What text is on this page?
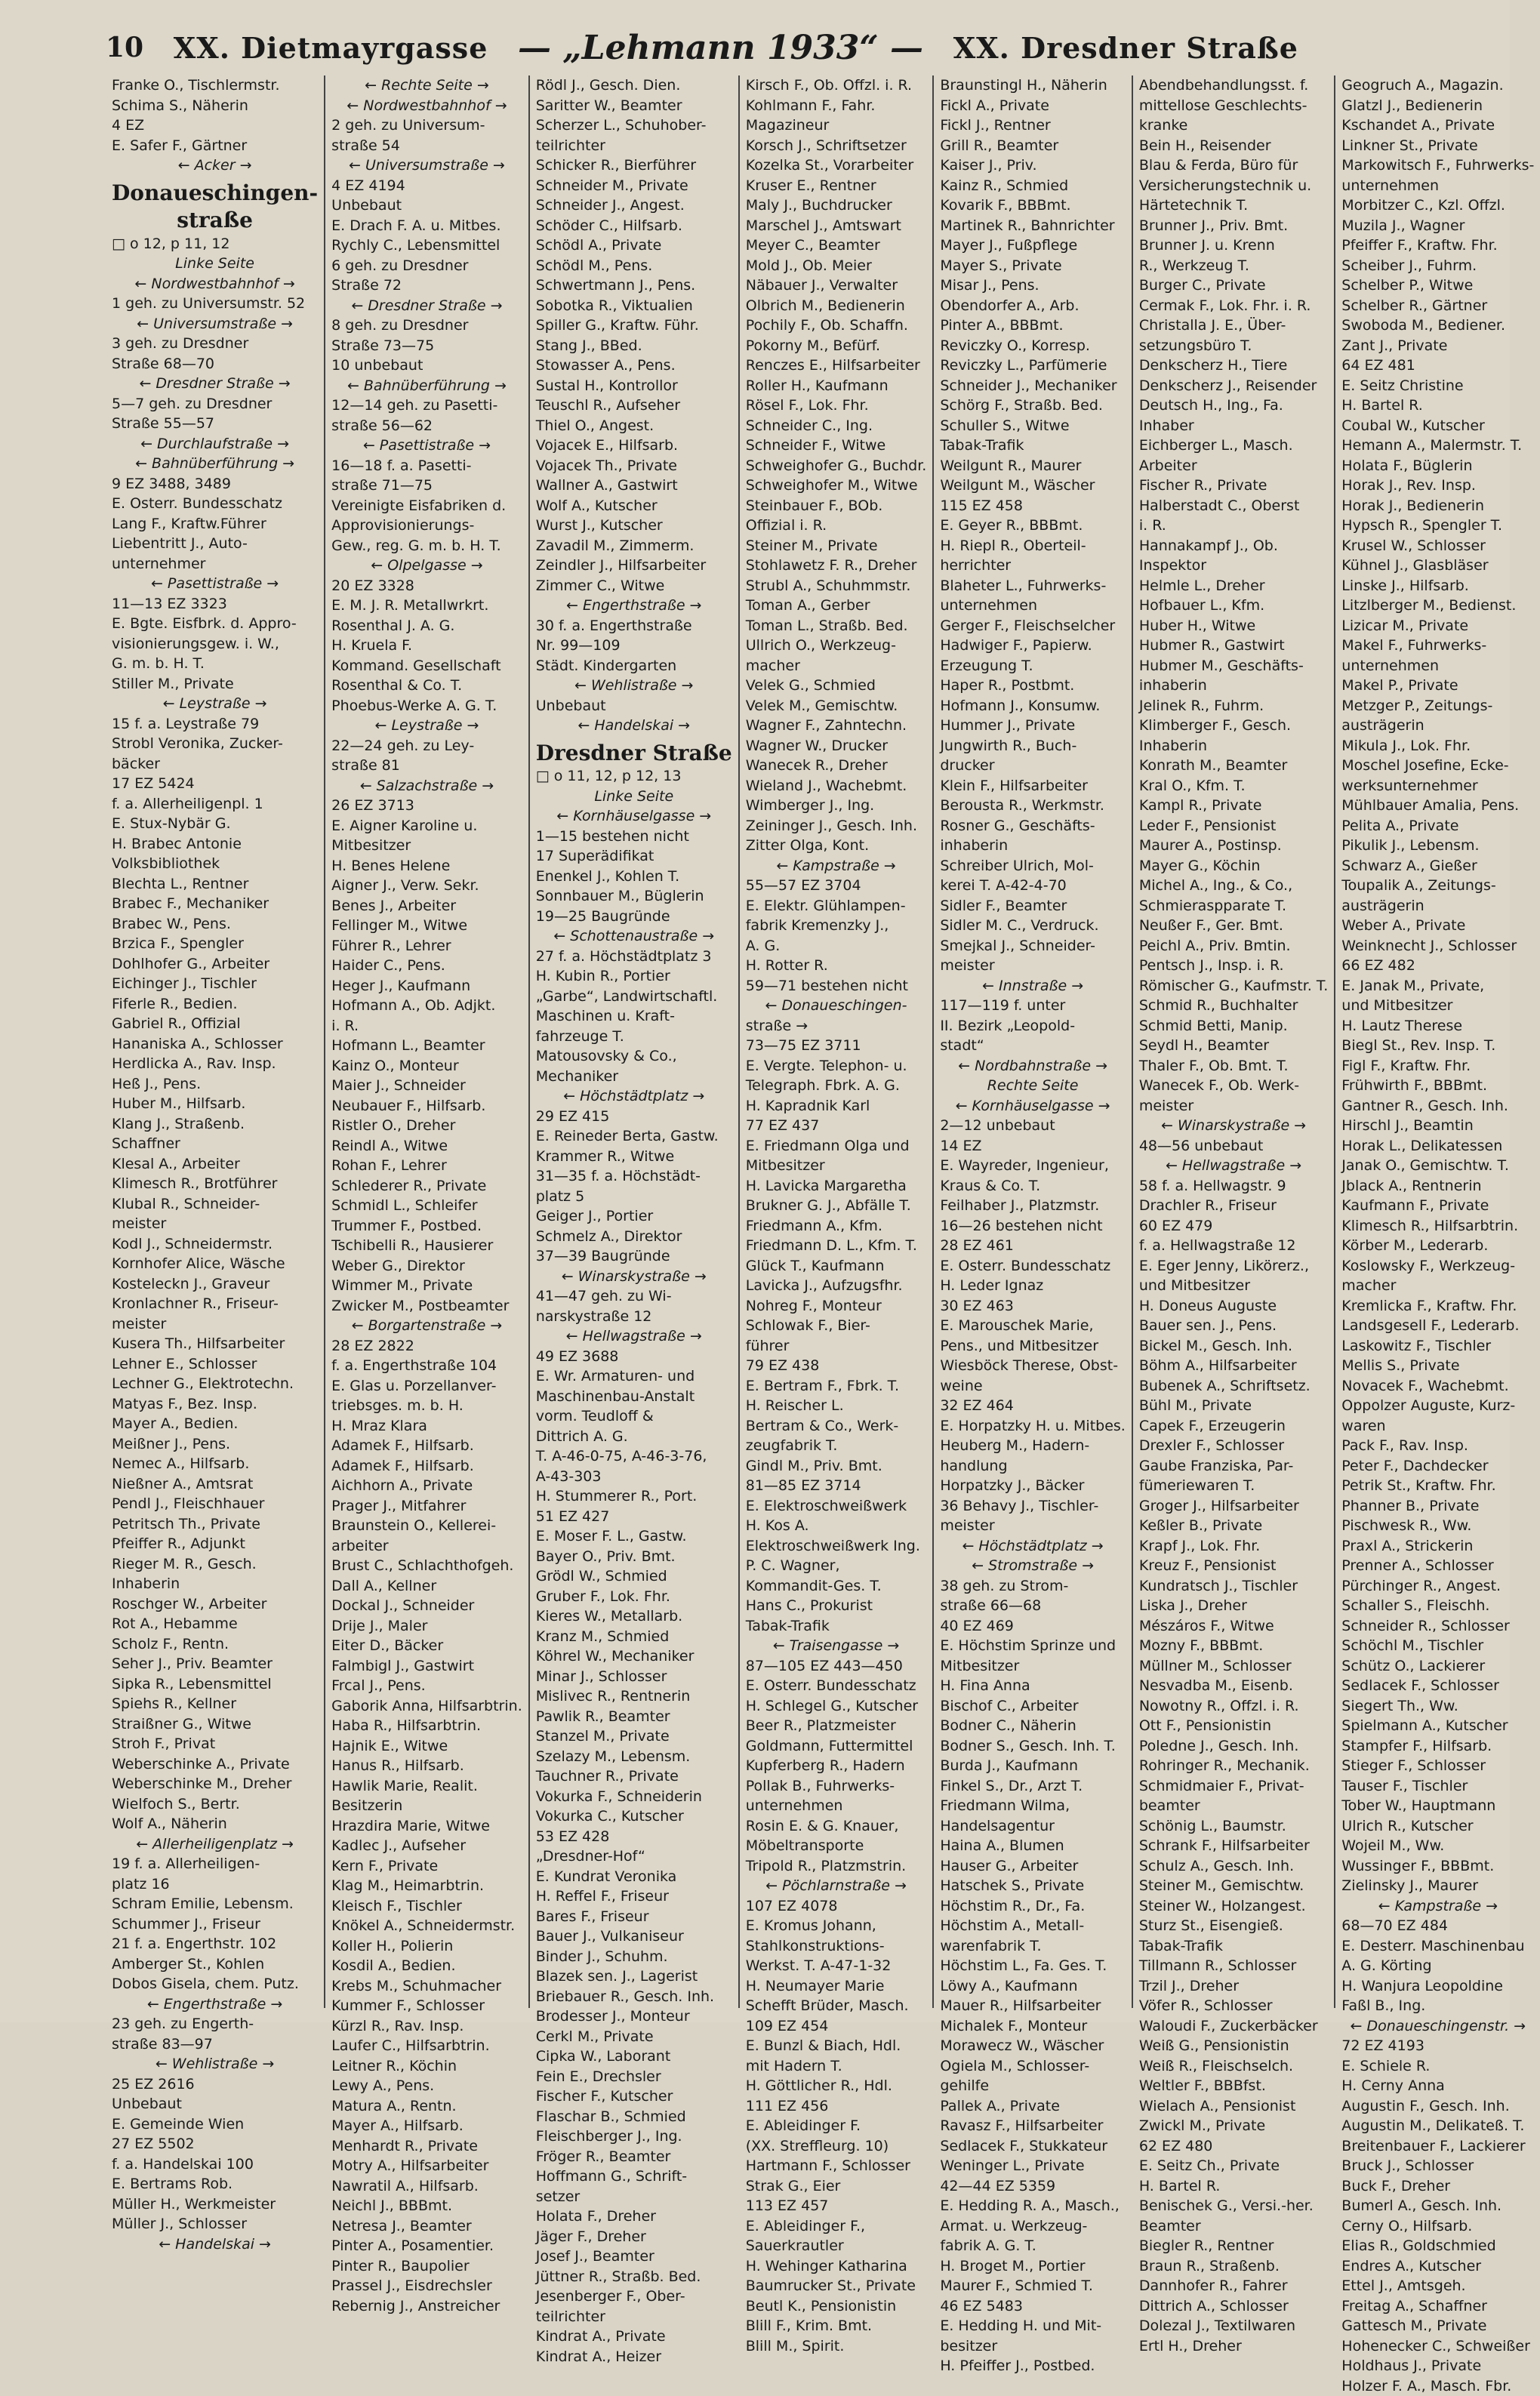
10 XX. Dietmayrgasse — „Lehmann 1933“ — XX. Dresdner Straße
Franke O., Tischlermstr.
Schima S., Näherin
4 EZ
E. Safer F., Gärtner
← Acker →
Donaueschingen-
straße
□ o 12, p 11, 12
Linke Seite
← Nordwestbahnhof →
1 geh. zu Universumstr. 52
← Universumstraße →
3 geh. zu Dresdner
Straße 68—70
← Dresdner Straße →
5—7 geh. zu Dresdner
Straße 55—57
← Durchlaufstraße →
← Bahnüberführung →
9 EZ 3488, 3489
E. Osterr. Bundesschatz
Lang F., Kraftw.Führer
Liebentritt J., Auto-
unternehmer
← Pasettistraße →
11—13 EZ 3323
E. Bgte. Eisfbrk. d. Appro-
visionierungsgew. i. W.,
G. m. b. H. T.
Stiller M., Private
← Leystraße →
15 f. a. Leystraße 79
Strobl Veronika, Zucker-
bäcker
17 EZ 5424
f. a. Allerheiligenpl. 1
E. Stux-Nybär G.
H. Brabec Antonie
Volksbibliothek
Blechta L., Rentner
Brabec F., Mechaniker
Brabec W., Pens.
Brzica F., Spengler
Dohlhofer G., Arbeiter
Eichinger J., Tischler
Fiferle R., Bedien.
Gabriel R., Offizial
Hananiska A., Schlosser
Herdlicka A., Rav. Insp.
Heß J., Pens.
Huber M., Hilfsarb.
Klang J., Straßenb.
Schaffner
Klesal A., Arbeiter
Klimesch R., Brotführer
Klubal R., Schneider-
meister
Kodl J., Schneidermstr.
Kornhofer Alice, Wäsche
Kosteleckn J., Graveur
Kronlachner R., Friseur-
meister
Kusera Th., Hilfsarbeiter
Lehner E., Schlosser
Lechner G., Elektrotechn.
Matyas F., Bez. Insp.
Mayer A., Bedien.
Meißner J., Pens.
Nemec A., Hilfsarb.
Nießner A., Amtsrat
Pendl J., Fleischhauer
Petritsch Th., Private
Pfeiffer R., Adjunkt
Rieger M. R., Gesch.
Inhaberin
Roschger W., Arbeiter
Rot A., Hebamme
Scholz F., Rentn.
Seher J., Priv. Beamter
Sipka R., Lebensmittel
Spiehs R., Kellner
Straißner G., Witwe
Stroh F., Privat
Weberschinke A., Private
Weberschinke M., Dreher
Wielfoch S., Bertr.
Wolf A., Näherin
← Allerheiligenplatz →
19 f. a. Allerheiligen-
platz 16
Schram Emilie, Lebensm.
Schummer J., Friseur
21 f. a. Engerthstr. 102
Amberger St., Kohlen
Dobos Gisela, chem. Putz.
← Engerthstraße →
23 geh. zu Engerth-
straße 83—97
← Wehlistraße →
25 EZ 2616
Unbebaut
E. Gemeinde Wien
27 EZ 5502
f. a. Handelskai 100
E. Bertrams Rob.
Müller H., Werkmeister
Müller J., Schlosser
← Handelskai →
← Rechte Seite →
← Nordwestbahnhof →
2 geh. zu Universum-
straße 54
← Universumstraße →
4 EZ 4194
Unbebaut
E. Drach F. A. u. Mitbes.
Rychly C., Lebensmittel
6 geh. zu Dresdner
Straße 72
← Dresdner Straße →
8 geh. zu Dresdner
Straße 73—75
10 unbebaut
← Bahnüberführung →
12—14 geh. zu Pasetti-
straße 56—62
← Pasettistraße →
16—18 f. a. Pasetti-
straße 71—75
Vereinigte Eisfabriken d.
Approvisionierungs-
Gew., reg. G. m. b. H. T.
← Olpelgasse →
20 EZ 3328
E. M. J. R. Metallwrkrt.
Rosenthal J. A. G.
H. Kruela F.
Kommand. Gesellschaft
Rosenthal & Co. T.
Phoebus-Werke A. G. T.
← Leystraße →
22—24 geh. zu Ley-
straße 81
← Salzachstraße →
26 EZ 3713
E. Aigner Karoline u.
Mitbesitzer
H. Benes Helene
Aigner J., Verw. Sekr.
Benes J., Arbeiter
Fellinger M., Witwe
Führer R., Lehrer
Haider C., Pens.
Heger J., Kaufmann
Hofmann A., Ob. Adjkt.
i. R.
Hofmann L., Beamter
Kainz O., Monteur
Maier J., Schneider
Neubauer F., Hilfsarb.
Ristler O., Dreher
Reindl A., Witwe
Rohan F., Lehrer
Schlederer R., Private
Schmidl L., Schleifer
Trummer F., Postbed.
Tschibelli R., Hausierer
Weber G., Direktor
Wimmer M., Private
Zwicker M., Postbeamter
← Borgartenstraße →
28 EZ 2822
f. a. Engerthstraße 104
E. Glas u. Porzellanver-
triebsges. m. b. H.
H. Mraz Klara
Adamek F., Hilfsarb.
Adamek F., Hilfsarb.
Aichhorn A., Private
Prager J., Mitfahrer
Braunstein O., Kellerei-
arbeiter
Brust C., Schlachthofgeh.
Dall A., Kellner
Dockal J., Schneider
Drije J., Maler
Eiter D., Bäcker
Falmbigl J., Gastwirt
Frcal J., Pens.
Gaborik Anna, Hilfsarbtrin.
Haba R., Hilfsarbtrin.
Hajnik E., Witwe
Hanus R., Hilfsarb.
Hawlik Marie, Realit.
Besitzerin
Hrazdira Marie, Witwe
Kadlec J., Aufseher
Kern F., Private
Klag M., Heimarbtrin.
Kleisch F., Tischler
Knökel A., Schneidermstr.
Koller H., Polierin
Kosdil A., Bedien.
Krebs M., Schuhmacher
Kummer F., Schlosser
Kürzl R., Rav. Insp.
Laufer C., Hilfsarbtrin.
Leitner R., Köchin
Lewy A., Pens.
Matura A., Rentn.
Mayer A., Hilfsarb.
Menhardt R., Private
Motry A., Hilfsarbeiter
Nawratil A., Hilfsarb.
Neichl J., BBBmt.
Netresa J., Beamter
Pinter A., Posamentier.
Pinter R., Baupolier
Prassel J., Eisdrechsler
Rebernig J., Anstreicher
Rödl J., Gesch. Dien.
Saritter W., Beamter
Scherzer L., Schuhober-
teilrichter
Schicker R., Bierführer
Schneider M., Private
Schneider J., Angest.
Schöder C., Hilfsarb.
Schödl A., Private
Schödl M., Pens.
Schwertmann J., Pens.
Sobotka R., Viktualien
Spiller G., Kraftw. Führ.
Stang J., BBed.
Stowasser A., Pens.
Sustal H., Kontrollor
Teuschl R., Aufseher
Thiel O., Angest.
Vojacek E., Hilfsarb.
Vojacek Th., Private
Wallner A., Gastwirt
Wolf A., Kutscher
Wurst J., Kutscher
Zavadil M., Zimmerm.
Zeindler J., Hilfsarbeiter
Zimmer C., Witwe
← Engerthstraße →
30 f. a. Engerthstraße
Nr. 99—109
Städt. Kindergarten
← Wehlistraße →
Unbebaut
← Handelskai →
Dresdner Straße
□ o 11, 12, p 12, 13
Linke Seite
← Kornhäuselgasse →
1—15 bestehen nicht
17 Superädifikat
Enenkel J., Kohlen T.
Sonnbauer M., Büglerin
19—25 Baugründe
← Schottenaustraße →
27 f. a. Höchstädtplatz 3
H. Kubin R., Portier
„Garbe“, Landwirtschaftl.
Maschinen u. Kraft-
fahrzeuge T.
Matousovsky & Co.,
Mechaniker
← Höchstädtplatz →
29 EZ 415
E. Reineder Berta, Gastw.
Krammer R., Witwe
31—35 f. a. Höchstädt-
platz 5
Geiger J., Portier
Schmelz A., Direktor
37—39 Baugründe
← Winarskystraße →
41—47 geh. zu Wi-
narskystraße 12
← Hellwagstraße →
49 EZ 3688
E. Wr. Armaturen- und
Maschinenbau-Anstalt
vorm. Teudloff &
Dittrich A. G.
T. A-46-0-75, A-46-3-76,
A-43-303
H. Stummerer R., Port.
51 EZ 427
E. Moser F. L., Gastw.
Bayer O., Priv. Bmt.
Grödl W., Schmied
Gruber F., Lok. Fhr.
Kieres W., Metallarb.
Kranz M., Schmied
Köhrel W., Mechaniker
Minar J., Schlosser
Mislivec R., Rentnerin
Pawlik R., Beamter
Stanzel M., Private
Szelazy M., Lebensm.
Tauchner R., Private
Vokurka F., Schneiderin
Vokurka C., Kutscher
53 EZ 428
„Dresdner-Hof“
E. Kundrat Veronika
H. Reffel F., Friseur
Bares F., Friseur
Bauer J., Vulkaniseur
Binder J., Schuhm.
Blazek sen. J., Lagerist
Briebauer R., Gesch. Inh.
Brodesser J., Monteur
Cerkl M., Private
Cipka W., Laborant
Fein E., Drechsler
Fischer F., Kutscher
Flaschar B., Schmied
Fleischberger J., Ing.
Fröger R., Beamter
Hoffmann G., Schrift-
setzer
Holata F., Dreher
Jäger F., Dreher
Josef J., Beamter
Jüttner R., Straßb. Bed.
Jesenberger F., Ober-
teilrichter
Kindrat A., Private
Kindrat A., Heizer
Kirsch F., Ob. Offzl. i. R.
Kohlmann F., Fahr.
Magazineur
Korsch J., Schriftsetzer
Kozelka St., Vorarbeiter
Kruser E., Rentner
Maly J., Buchdrucker
Marschel J., Amtswart
Meyer C., Beamter
Mold J., Ob. Meier
Näbauer J., Verwalter
Olbrich M., Bedienerin
Pochily F., Ob. Schaffn.
Pokorny M., Befürf.
Renczes E., Hilfsarbeiter
Roller H., Kaufmann
Rösel F., Lok. Fhr.
Schneider C., Ing.
Schneider F., Witwe
Schweighofer G., Buchdr.
Schweighofer M., Witwe
Steinbauer F., BOb.
Offizial i. R.
Steiner M., Private
Stohlawetz F. R., Dreher
Strubl A., Schuhmmstr.
Toman A., Gerber
Toman L., Straßb. Bed.
Ullrich O., Werkzeug-
macher
Velek G., Schmied
Velek M., Gemischtw.
Wagner F., Zahntechn.
Wagner W., Drucker
Wanecek R., Dreher
Wieland J., Wachebmt.
Wimberger J., Ing.
Zeininger J., Gesch. Inh.
Zitter Olga, Kont.
← Kampstraße →
55—57 EZ 3704
E. Elektr. Glühlampen-
fabrik Kremenzky J.,
A. G.
H. Rotter R.
59—71 bestehen nicht
← Donaueschingen-
straße →
73—75 EZ 3711
E. Vergte. Telephon- u.
Telegraph. Fbrk. A. G.
H. Kapradnik Karl
77 EZ 437
E. Friedmann Olga und
Mitbesitzer
H. Lavicka Margaretha
Brukner G. J., Abfälle T.
Friedmann A., Kfm.
Friedmann D. L., Kfm. T.
Glück T., Kaufmann
Lavicka J., Aufzugsfhr.
Nohreg F., Monteur
Schlowak F., Bier-
führer
79 EZ 438
E. Bertram F., Fbrk. T.
H. Reischer L.
Bertram & Co., Werk-
zeugfabrik T.
Gindl M., Priv. Bmt.
81—85 EZ 3714
E. Elektroschweißwerk
H. Kos A.
Elektroschweißwerk Ing.
P. C. Wagner,
Kommandit-Ges. T.
Hans C., Prokurist
Tabak-Trafik
← Traisengasse →
87—105 EZ 443—450
E. Osterr. Bundesschatz
H. Schlegel G., Kutscher
Beer R., Platzmeister
Goldmann, Futtermittel
Kupferberg R., Hadern
Pollak B., Fuhrwerks-
unternehmen
Rosin E. & G. Knauer,
Möbeltransporte
Tripold R., Platzmstrin.
← Pöchlarnstraße →
107 EZ 4078
E. Kromus Johann,
Stahlkonstruktions-
Werkst. T. A-47-1-32
H. Neumayer Marie
Schefft Brüder, Masch.
109 EZ 454
E. Bunzl & Biach, Hdl.
mit Hadern T.
H. Göttlicher R., Hdl.
111 EZ 456
E. Ableidinger F.
(XX. Streffleurg. 10)
Hartmann F., Schlosser
Strak G., Eier
113 EZ 457
E. Ableidinger F.,
Sauerkrautler
H. Wehinger Katharina
Baumrucker St., Private
Beutl K., Pensionistin
Blill F., Krim. Bmt.
Blill M., Spirit.
Braunstingl H., Näherin
Fickl A., Private
Fickl J., Rentner
Grill R., Beamter
Kaiser J., Priv.
Kainz R., Schmied
Kovarik F., BBBmt.
Martinek R., Bahnrichter
Mayer J., Fußpflege
Mayer S., Private
Misar J., Pens.
Obendorfer A., Arb.
Pinter A., BBBmt.
Reviczky O., Korresp.
Reviczky L., Parfümerie
Schneider J., Mechaniker
Schörg F., Straßb. Bed.
Schuller S., Witwe
Tabak-Trafik
Weilgunt R., Maurer
Weilgunt M., Wäscher
115 EZ 458
E. Geyer R., BBBmt.
H. Riepl R., Oberteil-
herrichter
Blaheter L., Fuhrwerks-
unternehmen
Gerger F., Fleischselcher
Hadwiger F., Papierw.
Erzeugung T.
Haper R., Postbmt.
Hofmann J., Konsumw.
Hummer J., Private
Jungwirth R., Buch-
drucker
Klein F., Hilfsarbeiter
Berousta R., Werkmstr.
Rosner G., Geschäfts-
inhaberin
Schreiber Ulrich, Mol-
kerei T. A-42-4-70
Sidler F., Beamter
Sidler M. C., Verdruck.
Smejkal J., Schneider-
meister
← Innstraße →
117—119 f. unter
II. Bezirk „Leopold-
stadt“
← Nordbahnstraße →
Rechte Seite
← Kornhäuselgasse →
2—12 unbebaut
14 EZ
E. Wayreder, Ingenieur,
Kraus & Co. T.
Feilhaber J., Platzmstr.
16—26 bestehen nicht
28 EZ 461
E. Osterr. Bundesschatz
H. Leder Ignaz
30 EZ 463
E. Marouschek Marie,
Pens., und Mitbesitzer
Wiesböck Therese, Obst-
weine
32 EZ 464
E. Horpatzky H. u. Mitbes.
Heuberg M., Hadern-
handlung
Horpatzky J., Bäcker
36 Behavy J., Tischler-
meister
← Höchstädtplatz →
← Stromstraße →
38 geh. zu Strom-
straße 66—68
40 EZ 469
E. Höchstim Sprinze und
Mitbesitzer
H. Fina Anna
Bischof C., Arbeiter
Bodner C., Näherin
Bodner S., Gesch. Inh. T.
Burda J., Kaufmann
Finkel S., Dr., Arzt T.
Friedmann Wilma,
Handelsagentur
Haina A., Blumen
Hauser G., Arbeiter
Hatschek S., Private
Höchstim R., Dr., Fa.
Höchstim A., Metall-
warenfabrik T.
Höchstim L., Fa. Ges. T.
Löwy A., Kaufmann
Mauer R., Hilfsarbeiter
Michalek F., Monteur
Morawecz W., Wäscher
Ogiela M., Schlosser-
gehilfe
Pallek A., Private
Ravasz F., Hilfsarbeiter
Sedlacek F., Stukkateur
Weninger L., Private
42—44 EZ 5359
E. Hedding R. A., Masch.,
Armat. u. Werkzeug-
fabrik A. G. T.
H. Broget M., Portier
Maurer F., Schmied T.
46 EZ 5483
E. Hedding H. und Mit-
besitzer
H. Pfeiffer J., Postbed.
Abendbehandlungsst. f.
mittellose Geschlechts-
kranke
Bein H., Reisender
Blau & Ferda, Büro für
Versicherungstechnik u.
Härtetechnik T.
Brunner J., Priv. Bmt.
Brunner J. u. Krenn
R., Werkzeug T.
Burger C., Private
Cermak F., Lok. Fhr. i. R.
Christalla J. E., Über-
setzungsbüro T.
Denkscherz H., Tiere
Denkscherz J., Reisender
Deutsch H., Ing., Fa.
Inhaber
Eichberger L., Masch.
Arbeiter
Fischer R., Private
Halberstadt C., Oberst
i. R.
Hannakampf J., Ob.
Inspektor
Helmle L., Dreher
Hofbauer L., Kfm.
Huber H., Witwe
Hubmer R., Gastwirt
Hubmer M., Geschäfts-
inhaberin
Jelinek R., Fuhrm.
Klimberger F., Gesch.
Inhaberin
Konrath M., Beamter
Kral O., Kfm. T.
Kampl R., Private
Leder F., Pensionist
Maurer A., Postinsp.
Mayer G., Köchin
Michel A., Ing., & Co.,
Schmieraspparate T.
Neußer F., Ger. Bmt.
Peichl A., Priv. Bmtin.
Pentsch J., Insp. i. R.
Römischer G., Kaufmstr. T.
Schmid R., Buchhalter
Schmid Betti, Manip.
Seydl H., Beamter
Thaler F., Ob. Bmt. T.
Wanecek F., Ob. Werk-
meister
← Winarskystraße →
48—56 unbebaut
← Hellwagstraße →
58 f. a. Hellwagstr. 9
Drachler R., Friseur
60 EZ 479
f. a. Hellwagstraße 12
E. Eger Jenny, Likörerz.,
und Mitbesitzer
H. Doneus Auguste
Bauer sen. J., Pens.
Bickel M., Gesch. Inh.
Böhm A., Hilfsarbeiter
Bubenek A., Schriftsetz.
Bühl M., Private
Capek F., Erzeugerin
Drexler F., Schlosser
Gaube Franziska, Par-
fümeriewaren T.
Groger J., Hilfsarbeiter
Keßler B., Private
Krapf J., Lok. Fhr.
Kreuz F., Pensionist
Kundratsch J., Tischler
Liska J., Dreher
Mészáros F., Witwe
Mozny F., BBBmt.
Müllner M., Schlosser
Nesvadba M., Eisenb.
Nowotny R., Offzl. i. R.
Ott F., Pensionistin
Poledne J., Gesch. Inh.
Rohringer R., Mechanik.
Schmidmaier F., Privat-
beamter
Schönig L., Baumstr.
Schrank F., Hilfsarbeiter
Schulz A., Gesch. Inh.
Steiner M., Gemischtw.
Steiner W., Holzangest.
Sturz St., Eisengieß.
Tabak-Trafik
Tillmann R., Schlosser
Trzil J., Dreher
Vöfer R., Schlosser
Waloudi F., Zuckerbäcker
Weiß G., Pensionistin
Weiß R., Fleischselch.
Weltler F., BBBfst.
Wielach A., Pensionist
Zwickl M., Private
62 EZ 480
E. Seitz Ch., Private
H. Bartel R.
Benischek G., Versi.-her.
Beamter
Biegler R., Rentner
Braun R., Straßenb.
Dannhofer R., Fahrer
Dittrich A., Schlosser
Dolezal J., Textilwaren
Ertl H., Dreher
Geogruch A., Magazin.
Glatzl J., Bedienerin
Kschandet A., Private
Linkner St., Private
Markowitsch F., Fuhrwerks-
unternehmen
Morbitzer C., Kzl. Offzl.
Muzila J., Wagner
Pfeiffer F., Kraftw. Fhr.
Scheiber J., Fuhrm.
Schelber P., Witwe
Schelber R., Gärtner
Swoboda M., Bediener.
Zant J., Private
64 EZ 481
E. Seitz Christine
H. Bartel R.
Coubal W., Kutscher
Hemann A., Malermstr. T.
Holata F., Büglerin
Horak J., Rev. Insp.
Horak J., Bedienerin
Hypsch R., Spengler T.
Krusel W., Schlosser
Kühnel J., Glasbläser
Linske J., Hilfsarb.
Litzlberger M., Bedienst.
Lizicar M., Private
Makel F., Fuhrwerks-
unternehmen
Makel P., Private
Metzger P., Zeitungs-
austrägerin
Mikula J., Lok. Fhr.
Moschel Josefine, Ecke-
werksunternehmer
Mühlbauer Amalia, Pens.
Pelita A., Private
Pikulik J., Lebensm.
Schwarz A., Gießer
Toupalik A., Zeitungs-
austrägerin
Weber A., Private
Weinknecht J., Schlosser
66 EZ 482
E. Janak M., Private,
und Mitbesitzer
H. Lautz Therese
Biegl St., Rev. Insp. T.
Figl F., Kraftw. Fhr.
Frühwirth F., BBBmt.
Gantner R., Gesch. Inh.
Hirschl J., Beamtin
Horak L., Delikatessen
Janak O., Gemischtw. T.
Jblack A., Rentnerin
Kaufmann F., Private
Klimesch R., Hilfsarbtrin.
Körber M., Lederarb.
Koslowsky F., Werkzeug-
macher
Kremlicka F., Kraftw. Fhr.
Landsgesell F., Lederarb.
Laskowitz F., Tischler
Mellis S., Private
Novacek F., Wachebmt.
Oppolzer Auguste, Kurz-
waren
Pack F., Rav. Insp.
Peter F., Dachdecker
Petrik St., Kraftw. Fhr.
Phanner B., Private
Pischwesk R., Ww.
Praxl A., Strickerin
Prenner A., Schlosser
Pürchinger R., Angest.
Schaller S., Fleischh.
Schneider R., Schlosser
Schöchl M., Tischler
Schütz O., Lackierer
Sedlacek F., Schlosser
Siegert Th., Ww.
Spielmann A., Kutscher
Stampfer F., Hilfsarb.
Stieger F., Schlosser
Tauser F., Tischler
Tober W., Hauptmann
Ulrich R., Kutscher
Wojeil M., Ww.
Wussinger F., BBBmt.
Zielinsky J., Maurer
← Kampstraße →
68—70 EZ 484
E. Desterr. Maschinenbau
A. G. Körting
H. Wanjura Leopoldine
Faßl B., Ing.
← Donaueschingenstr. →
72 EZ 4193
E. Schiele R.
H. Cerny Anna
Augustin F., Gesch. Inh.
Augustin M., Delikateß. T.
Breitenbauer F., Lackierer
Bruck J., Schlosser
Buck F., Dreher
Bumerl A., Gesch. Inh.
Cerny O., Hilfsarb.
Elias R., Goldschmied
Endres A., Kutscher
Ettel J., Amtsgeh.
Freitag A., Schaffner
Gattesch M., Private
Hohenecker C., Schweißer
Holdhaus J., Private
Holzer F. A., Masch. Fbr.
